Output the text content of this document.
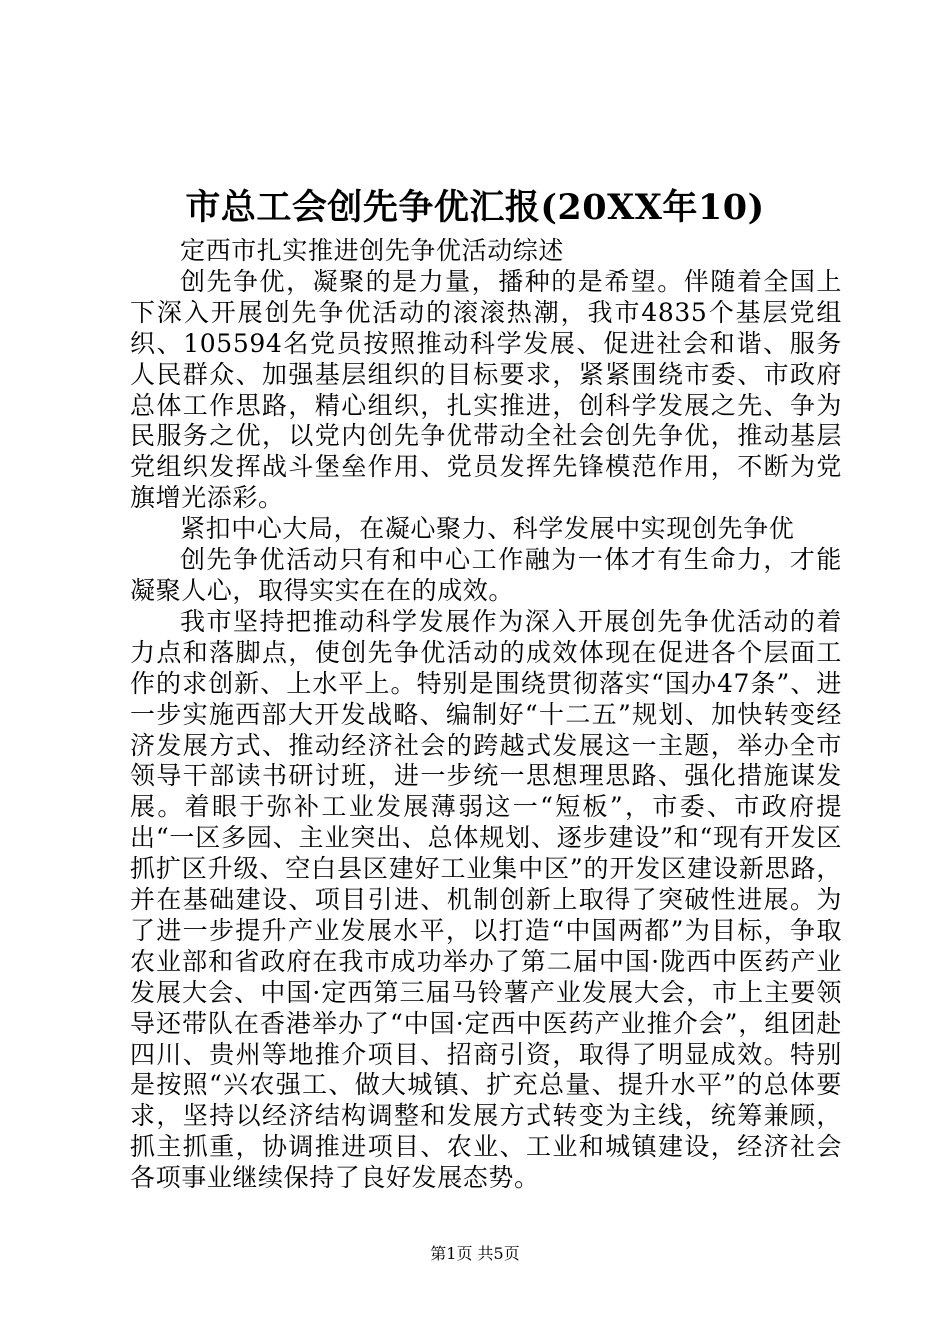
市总工会创先争优汇报(20XX年10)

定西市扎实推进创先争优活动综述

创先争优，凝聚的是力量，播种的是希望。伴随着全国上下深入开展创先争优活动的滚滚热潮，我市4835个基层党组织、105594名党员按照推动科学发展、促进社会和谐、服务人民群众、加强基层组织的目标要求，紧紧围绕市委、市政府总体工作思路，精心组织，扎实推进，创科学发展之先、争为民服务之优，以党内创先争优带动全社会创先争优，推动基层党组织发挥战斗堡垒作用、党员发挥先锋模范作用，不断为党旗增光添彩。

紧扣中心大局，在凝心聚力、科学发展中实现创先争优

创先争优活动只有和中心工作融为一体才有生命力，才能凝聚人心，取得实实在在的成效。

我市坚持把推动科学发展作为深入开展创先争优活动的着力点和落脚点，使创先争优活动的成效体现在促进各个层面工作的求创新、上水平上。特别是围绕贯彻落实“国办47条”、进一步实施西部大开发战略、编制好“十二五”规划、加快转变经济发展方式、推动经济社会的跨越式发展这一主题，举办全市领导干部读书研讨班，进一步统一思想理思路、强化措施谋发展。着眼于弥补工业发展薄弱这一“短板”，市委、市政府提出“一区多园、主业突出、总体规划、逐步建设”和“现有开发区抓扩区升级、空白县区建好工业集中区”的开发区建设新思路，并在基础建设、项目引进、机制创新上取得了突破性进展。为了进一步提升产业发展水平，以打造“中国两都”为目标，争取农业部和省政府在我市成功举办了第二届中国·陇西中医药产业发展大会、中国·定西第三届马铃薯产业发展大会，市上主要领导还带队在香港举办了“中国·定西中医药产业推介会”，组团赴四川、贵州等地推介项目、招商引资，取得了明显成效。特别是按照“兴农强工、做大城镇、扩充总量、提升水平”的总体要求，坚持以经济结构调整和发展方式转变为主线，统筹兼顾，抓主抓重，协调推进项目、农业、工业和城镇建设，经济社会各项事业继续保持了良好发展态势。

第1页 共5页
